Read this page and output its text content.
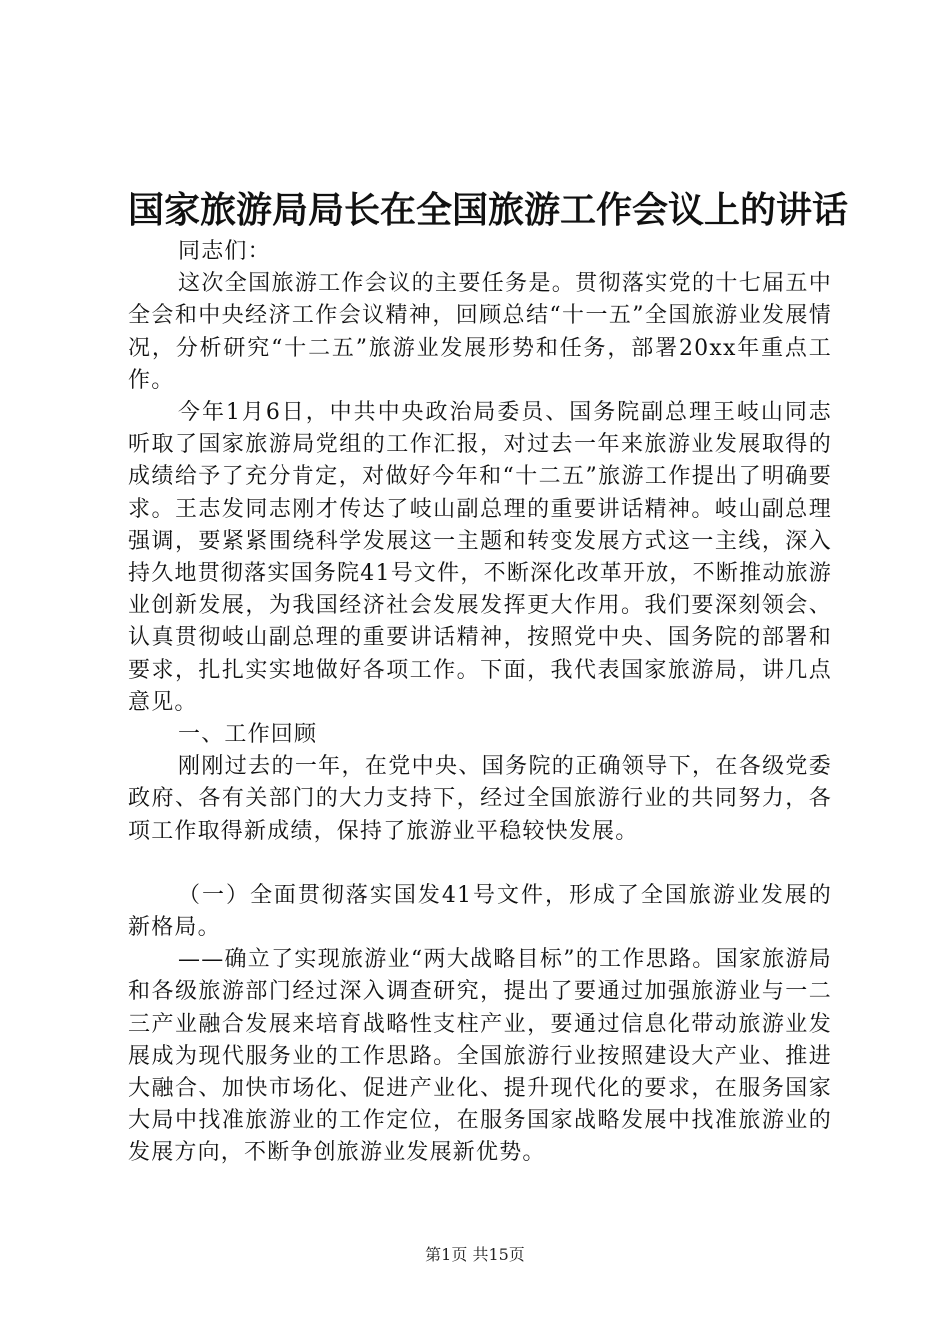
国家旅游局局长在全国旅游工作会议上的讲话

同志们：

这次全国旅游工作会议的主要任务是。贯彻落实党的十七届五中全会和中央经济工作会议精神，回顾总结“十一五”全国旅游业发展情况，分析研究“十二五”旅游业发展形势和任务，部署20xx年重点工作。

今年1月6日，中共中央政治局委员、国务院副总理王岐山同志听取了国家旅游局党组的工作汇报，对过去一年来旅游业发展取得的成绩给予了充分肯定，对做好今年和“十二五”旅游工作提出了明确要求。王志发同志刚才传达了岐山副总理的重要讲话精神。岐山副总理强调，要紧紧围绕科学发展这一主题和转变发展方式这一主线，深入持久地贯彻落实国务院41号文件，不断深化改革开放，不断推动旅游业创新发展，为我国经济社会发展发挥更大作用。我们要深刻领会、认真贯彻岐山副总理的重要讲话精神，按照党中央、国务院的部署和要求，扎扎实实地做好各项工作。下面，我代表国家旅游局，讲几点意见。

一、工作回顾

刚刚过去的一年，在党中央、国务院的正确领导下，在各级党委政府、各有关部门的大力支持下，经过全国旅游行业的共同努力，各项工作取得新成绩，保持了旅游业平稳较快发展。

（一）全面贯彻落实国发41号文件，形成了全国旅游业发展的新格局。

——确立了实现旅游业“两大战略目标”的工作思路。国家旅游局和各级旅游部门经过深入调查研究，提出了要通过加强旅游业与一二三产业融合发展来培育战略性支柱产业，要通过信息化带动旅游业发展成为现代服务业的工作思路。全国旅游行业按照建设大产业、推进大融合、加快市场化、促进产业化、提升现代化的要求，在服务国家大局中找准旅游业的工作定位，在服务国家战略发展中找准旅游业的发展方向，不断争创旅游业发展新优势。

第1页 共15页
